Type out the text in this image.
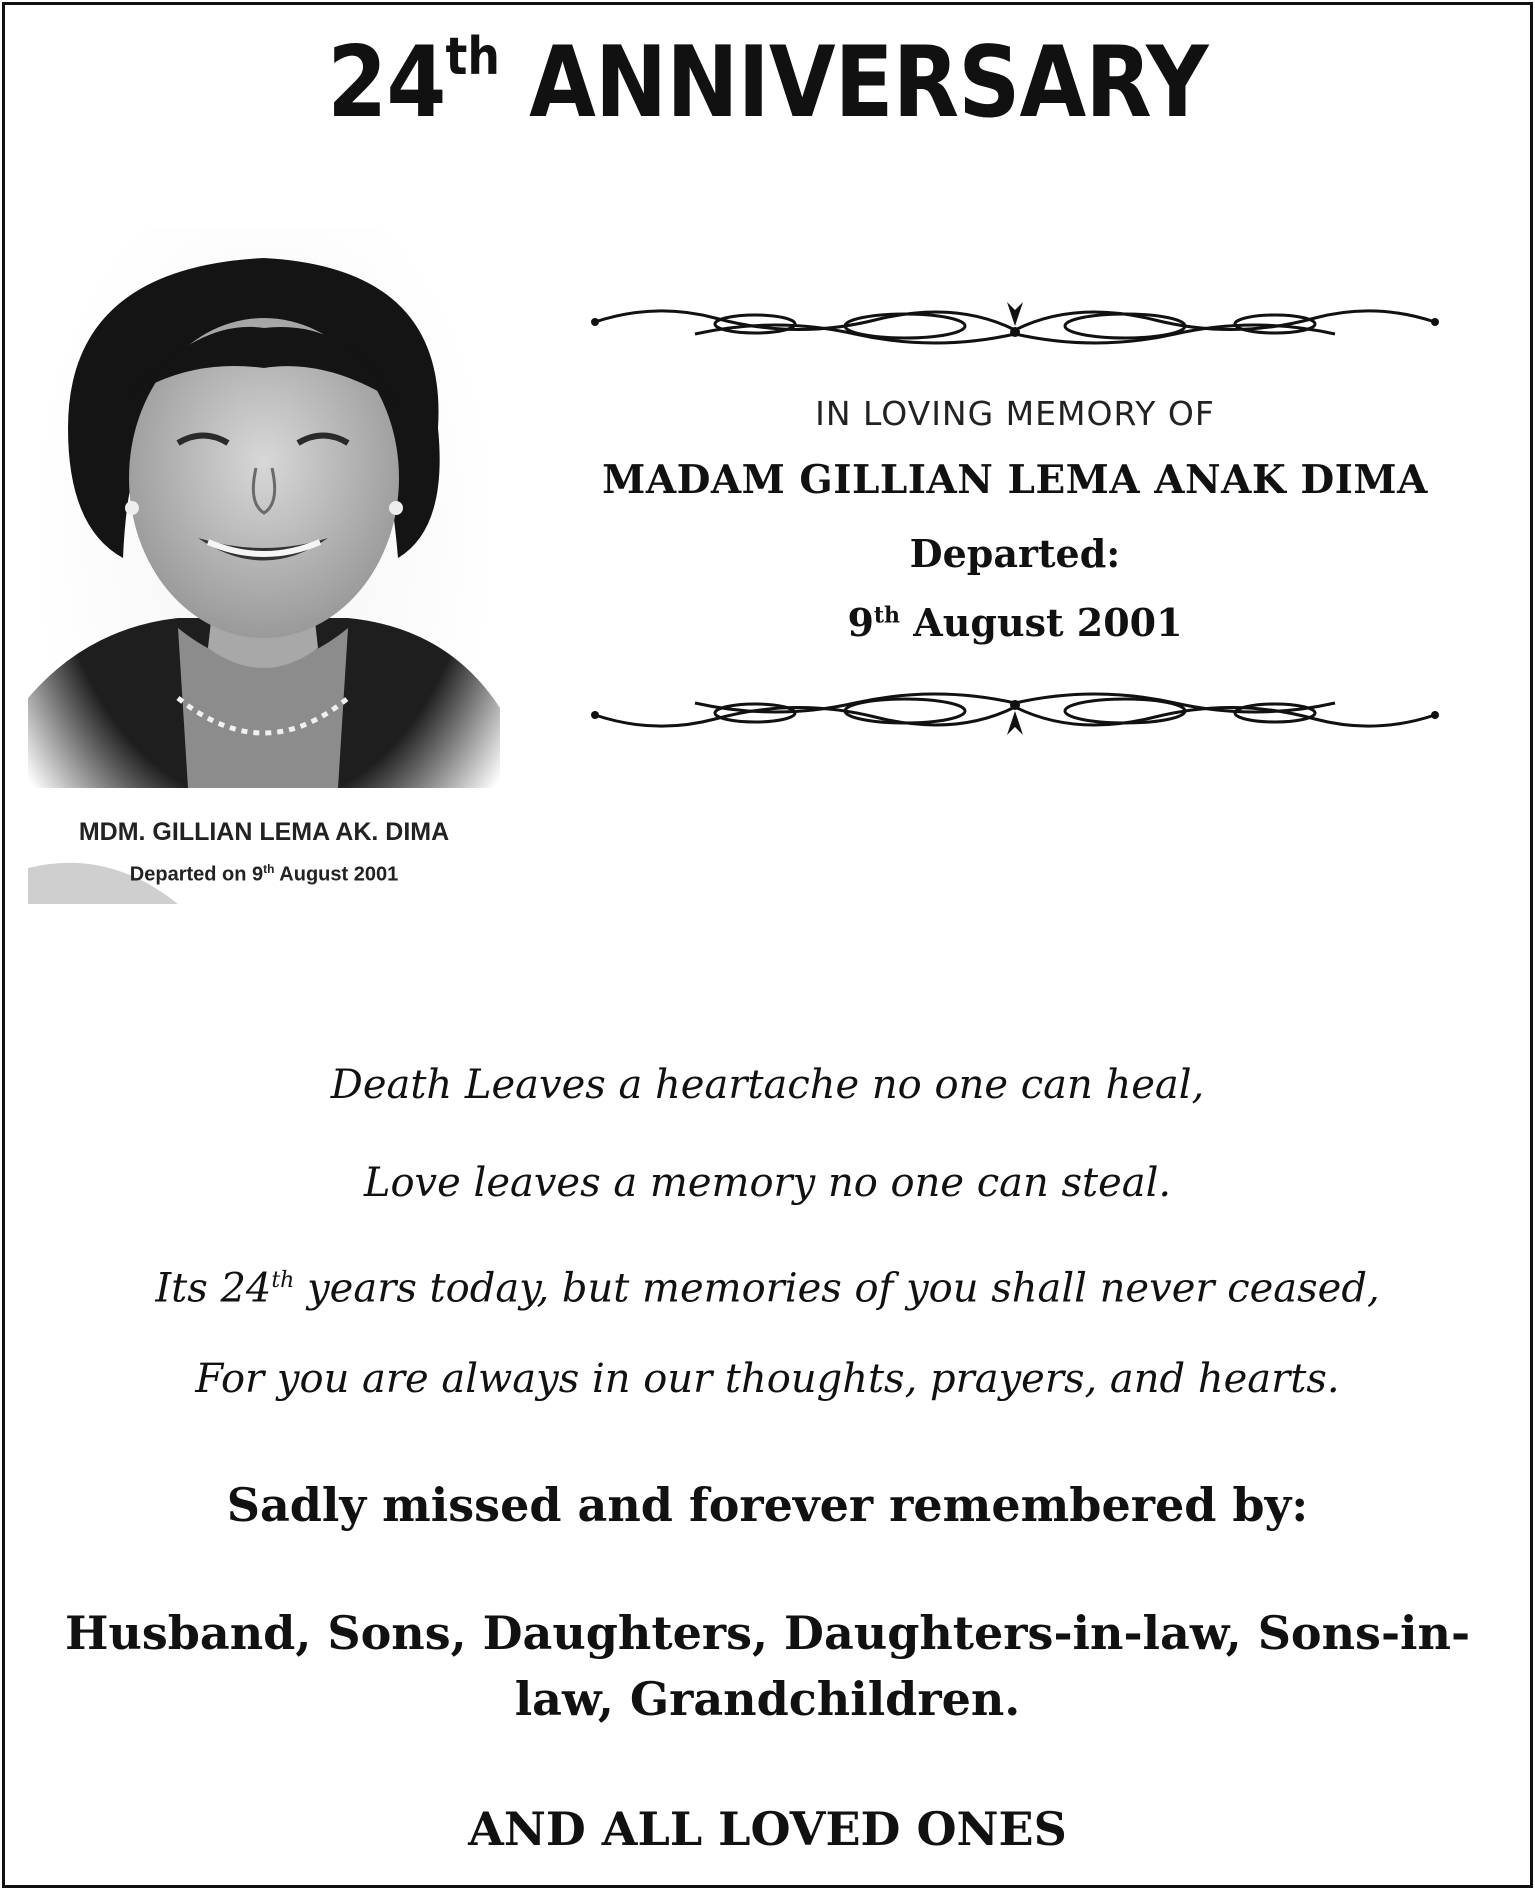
24th ANNIVERSARY
MDM. GILLIAN LEMA AK. DIMA
Departed on 9th August 2001
IN LOVING MEMORY OF
MADAM GILLIAN LEMA ANAK DIMA
Departed:
9th August 2001
Death Leaves a heartache no one can heal,
Love leaves a memory no one can steal.
Its 24th years today, but memories of you shall never ceased,
For you are always in our thoughts, prayers, and hearts.
Sadly missed and forever remembered by:
Husband, Sons, Daughters, Daughters-in-law, Sons-in-law, Grandchildren.
AND ALL LOVED ONES
